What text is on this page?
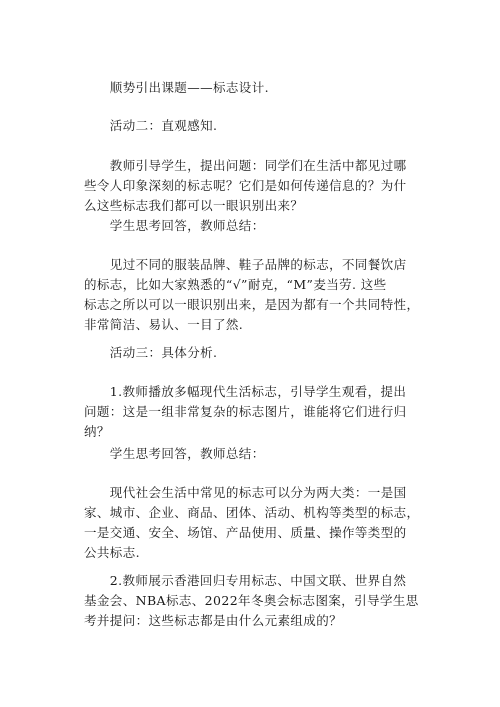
　　顺势引出课题——标志设计.

　　活动二：直观感知.

　　教师引导学生，提出问题：同学们在生活中都见过哪
些令人印象深刻的标志呢？它们是如何传递信息的？为什
么这些标志我们都可以一眼识别出来？

　　学生思考回答，教师总结：

　　见过不同的服装品牌、鞋子品牌的标志，不同餐饮店
的标志，比如大家熟悉的“√”耐克，“M”麦当劳. 这些
标志之所以可以一眼识别出来，是因为都有一个共同特性，
非常简洁、易认、一目了然.

　　活动三：具体分析.

　　1.教师播放多幅现代生活标志，引导学生观看，提出
问题：这是一组非常复杂的标志图片，谁能将它们进行归
纳？

　　学生思考回答，教师总结：

　　现代社会生活中常见的标志可以分为两大类：一是国
家、城市、企业、商品、团体、活动、机构等类型的标志，
一是交通、安全、场馆、产品使用、质量、操作等类型的
公共标志.

　　2.教师展示香港回归专用标志、中国文联、世界自然
基金会、NBA标志、2022年冬奥会标志图案，引导学生思
考并提问：这些标志都是由什么元素组成的？
